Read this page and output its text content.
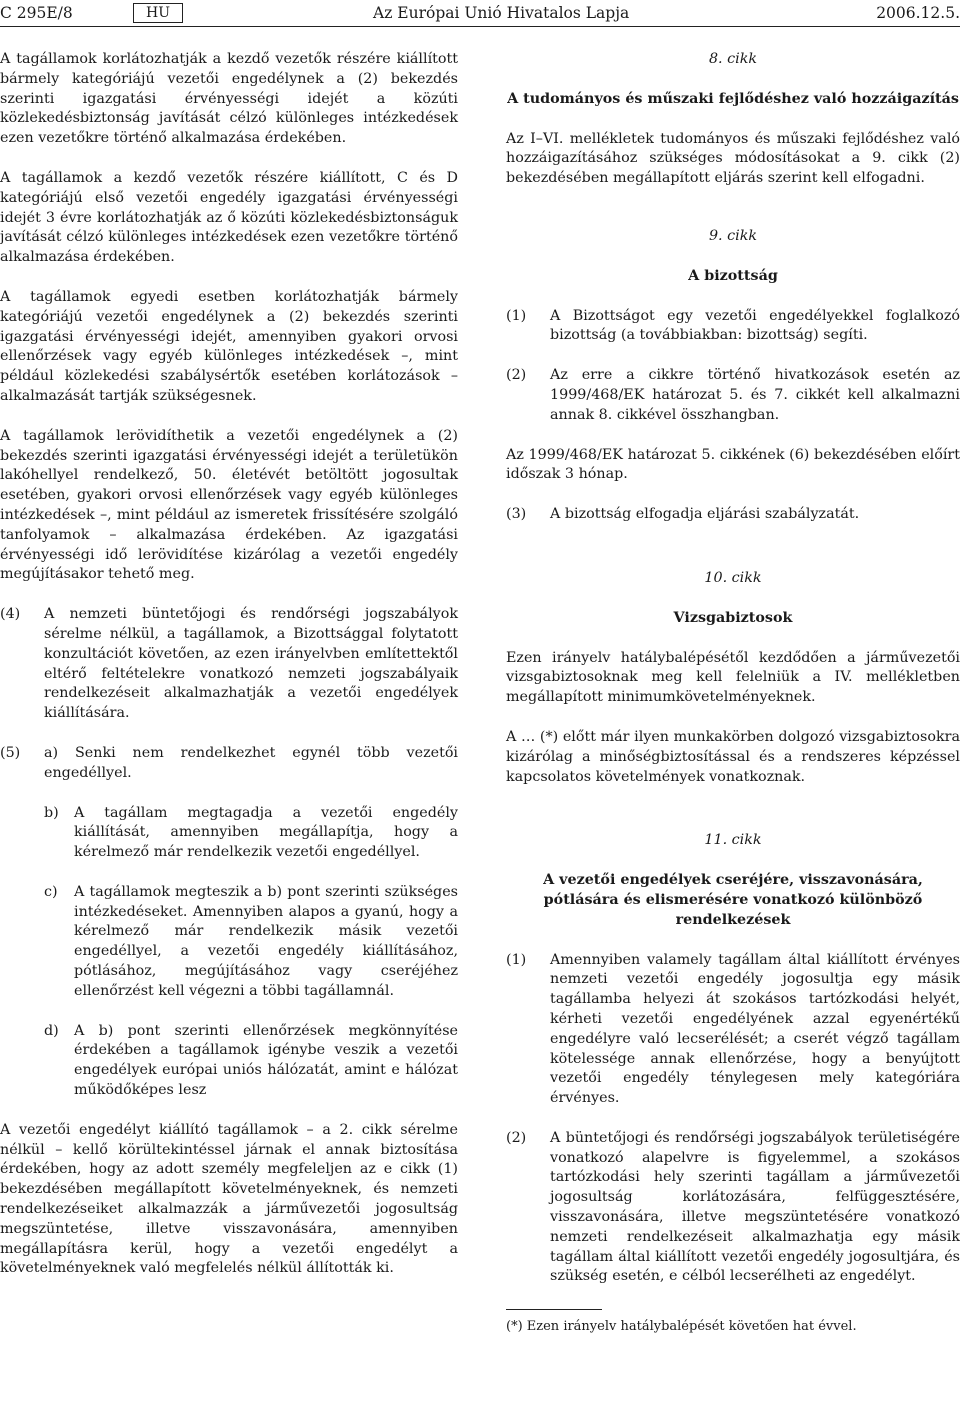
C 295E/8	HU	Az Európai Unió Hivatalos Lapja	2006.12.5.

A tagállamok korlátozhatják a kezdő vezetők részére kiállított bármely kategóriájú vezetői engedélynek a (2) bekezdés szerinti igazgatási érvényességi idejét a közúti közlekedésbiztonság javítását célzó különleges intézkedések ezen vezetőkre történő alkalmazása érdekében.

A tagállamok a kezdő vezetők részére kiállított, C és D kategóriájú első vezetői engedély igazgatási érvényességi idejét 3 évre korlátozhatják az ő közúti közlekedésbiztonságuk javítását célzó különleges intézkedések ezen vezetőkre történő alkalmazása érdekében.

A tagállamok egyedi esetben korlátozhatják bármely kategóriájú vezetői engedélynek a (2) bekezdés szerinti igazgatási érvényességi idejét, amennyiben gyakori orvosi ellenőrzések vagy egyéb különleges intézkedések –, mint például közlekedési szabálysértők esetében korlátozások – alkalmazását tartják szükségesnek.

A tagállamok lerövidíthetik a vezetői engedélynek a (2) bekezdés szerinti igazgatási érvényességi idejét a területükön lakóhellyel rendelkező, 50. életévét betöltött jogosultak esetében, gyakori orvosi ellenőrzések vagy egyéb különleges intézkedések –, mint például az ismeretek frissítésére szolgáló tanfolyamok – alkalmazása érdekében. Az igazgatási érvényességi idő lerövidítése kizárólag a vezetői engedély megújításakor tehető meg.

(4) A nemzeti büntetőjogi és rendőrségi jogszabályok sérelme nélkül, a tagállamok, a Bizottsággal folytatott konzultációt követően, az ezen irányelvben említettektől eltérő feltételekre vonatkozó nemzeti jogszabályaik rendelkezéseit alkalmazhatják a vezetői engedélyek kiállítására.

(5) a) Senki nem rendelkezhet egynél több vezetői engedéllyel.

b) A tagállam megtagadja a vezetői engedély kiállítását, amennyiben megállapítja, hogy a kérelmező már rendelkezik vezetői engedéllyel.

c) A tagállamok megteszik a b) pont szerinti szükséges intézkedéseket. Amennyiben alapos a gyanú, hogy a kérelmező már rendelkezik másik vezetői engedéllyel, a vezetői engedély kiállításához, pótlásához, megújításához vagy cseréjéhez ellenőrzést kell végezni a többi tagállamnál.

d) A b) pont szerinti ellenőrzések megkönnyítése érdekében a tagállamok igénybe veszik a vezetői engedélyek európai uniós hálózatát, amint e hálózat működőképes lesz

A vezetői engedélyt kiállító tagállamok – a 2. cikk sérelme nélkül – kellő körültekintéssel járnak el annak biztosítása érdekében, hogy az adott személy megfeleljen az e cikk (1) bekezdésében megállapított követelményeknek, és nemzeti rendelkezéseiket alkalmazzák a járművezetői jogosultság megszüntetése, illetve visszavonására, amennyiben megállapításra kerül, hogy a vezetői engedélyt a követelményeknek való megfelelés nélkül állították ki.

8. cikk

A tudományos és műszaki fejlődéshez való hozzáigazítás

Az I–VI. mellékletek tudományos és műszaki fejlődéshez való hozzáigazításához szükséges módosításokat a 9. cikk (2) bekezdésében megállapított eljárás szerint kell elfogadni.

9. cikk

A bizottság

(1) A Bizottságot egy vezetői engedélyekkel foglalkozó bizottság (a továbbiakban: bizottság) segíti.

(2) Az erre a cikkre történő hivatkozások esetén az 1999/468/EK határozat 5. és 7. cikkét kell alkalmazni annak 8. cikkével összhangban.

Az 1999/468/EK határozat 5. cikkének (6) bekezdésében előírt időszak 3 hónap.

(3) A bizottság elfogadja eljárási szabályzatát.

10. cikk

Vizsgabiztosok

Ezen irányelv hatálybalépésétől kezdődően a járművezetői vizsgabiztosoknak meg kell felelniük a IV. mellékletben megállapított minimumkövetelményeknek.

A … (*) előtt már ilyen munkakörben dolgozó vizsgabiztosokra kizárólag a minőségbiztosítással és a rendszeres képzéssel kapcsolatos követelmények vonatkoznak.

11. cikk

A vezetői engedélyek cseréjére, visszavonására, pótlására és elismerésére vonatkozó különböző rendelkezések

(1) Amennyiben valamely tagállam által kiállított érvényes nemzeti vezetői engedély jogosultja egy másik tagállamba helyezi át szokásos tartózkodási helyét, kérheti vezetői engedélyének azzal egyenértékű engedélyre való lecserélését; a cserét végző tagállam kötelessége annak ellenőrzése, hogy a benyújtott vezetői engedély ténylegesen mely kategóriára érvényes.

(2) A büntetőjogi és rendőrségi jogszabályok területiségére vonatkozó alapelvre is figyelemmel, a szokásos tartózkodási hely szerinti tagállam a járművezetői jogosultság korlátozására, felfüggesztésére, visszavonására, illetve megszüntetésére vonatkozó nemzeti rendelkezéseit alkalmazhatja egy másik tagállam által kiállított vezetői engedély jogosultjára, és szükség esetén, e célból lecserélheti az engedélyt.

(*) Ezen irányelv hatálybalépését követően hat évvel.
